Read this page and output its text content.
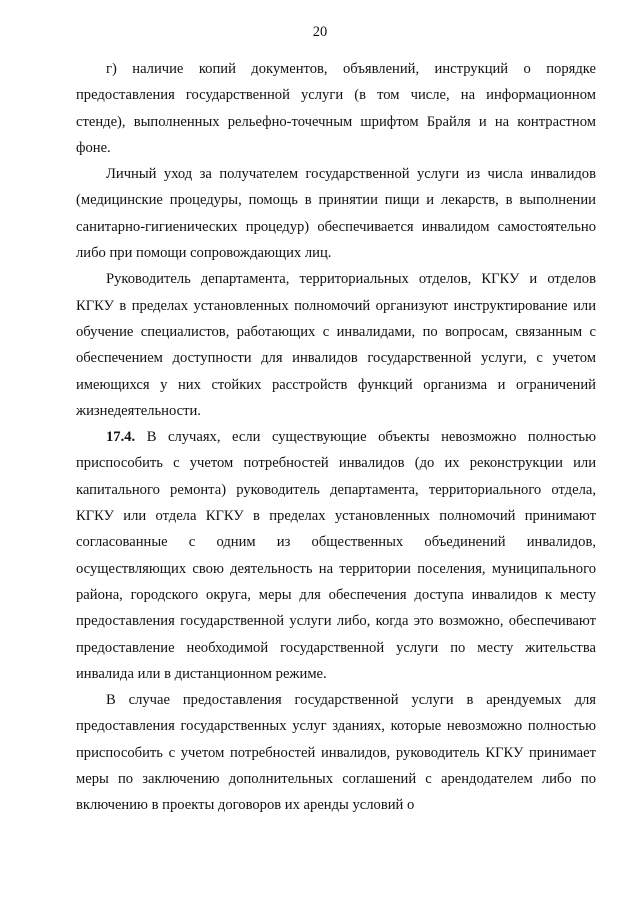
20

г) наличие копий документов, объявлений, инструкций о порядке предоставления государственной услуги (в том числе, на информационном стенде), выполненных рельефно-точечным шрифтом Брайля и на контрастном фоне.

Личный уход за получателем государственной услуги из числа инвалидов (медицинские процедуры, помощь в принятии пищи и лекарств, в выполнении санитарно-гигиенических процедур) обеспечивается инвалидом самостоятельно либо при помощи сопровождающих лиц.

Руководитель департамента, территориальных отделов, КГКУ и отделов КГКУ в пределах установленных полномочий организуют инструктирование или обучение специалистов, работающих с инвалидами, по вопросам, связанным с обеспечением доступности для инвалидов государственной услуги, с учетом имеющихся у них стойких расстройств функций организма и ограничений жизнедеятельности.

17.4. В случаях, если существующие объекты невозможно полностью приспособить с учетом потребностей инвалидов (до их реконструкции или капитального ремонта) руководитель департамента, территориального отдела, КГКУ или отдела КГКУ в пределах установленных полномочий принимают согласованные с одним из общественных объединений инвалидов, осуществляющих свою деятельность на территории поселения, муниципального района, городского округа, меры для обеспечения доступа инвалидов к месту предоставления государственной услуги либо, когда это возможно, обеспечивают предоставление необходимой государственной услуги по месту жительства инвалида или в дистанционном режиме.

В случае предоставления государственной услуги в арендуемых для предоставления государственных услуг зданиях, которые невозможно полностью приспособить с учетом потребностей инвалидов, руководитель КГКУ принимает меры по заключению дополнительных соглашений с арендодателем либо по включению в проекты договоров их аренды условий о
